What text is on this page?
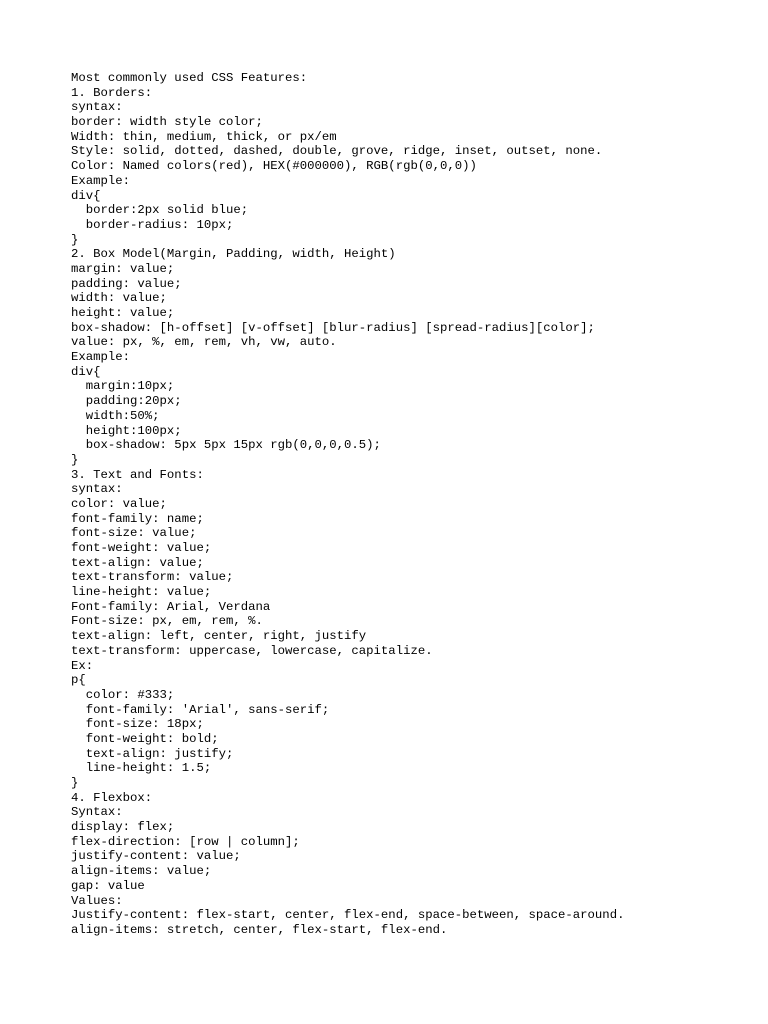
Most commonly used CSS Features:
1. Borders:
syntax:
border: width style color;
Width: thin, medium, thick, or px/em
Style: solid, dotted, dashed, double, grove, ridge, inset, outset, none.
Color: Named colors(red), HEX(#000000), RGB(rgb(0,0,0))
Example:
div{
border:2px solid blue;
border-radius: 10px;
}
2. Box Model(Margin, Padding, width, Height)
margin: value;
padding: value;
width: value;
height: value;
box-shadow: [h-offset] [v-offset] [blur-radius] [spread-radius][color];
value: px, %, em, rem, vh, vw, auto.
Example:
div{
margin:10px;
padding:20px;
width:50%;
height:100px;
box-shadow: 5px 5px 15px rgb(0,0,0,0.5);
}
3. Text and Fonts:
syntax:
color: value;
font-family: name;
font-size: value;
font-weight: value;
text-align: value;
text-transform: value;
line-height: value;
Font-family: Arial, Verdana
Font-size: px, em, rem, %.
text-align: left, center, right, justify
text-transform: uppercase, lowercase, capitalize.
Ex:
p{
color: #333;
font-family: 'Arial', sans-serif;
font-size: 18px;
font-weight: bold;
text-align: justify;
line-height: 1.5;
}
4. Flexbox:
Syntax:
display: flex;
flex-direction: [row | column];
justify-content: value;
align-items: value;
gap: value
Values:
Justify-content: flex-start, center, flex-end, space-between, space-around.
align-items: stretch, center, flex-start, flex-end.
